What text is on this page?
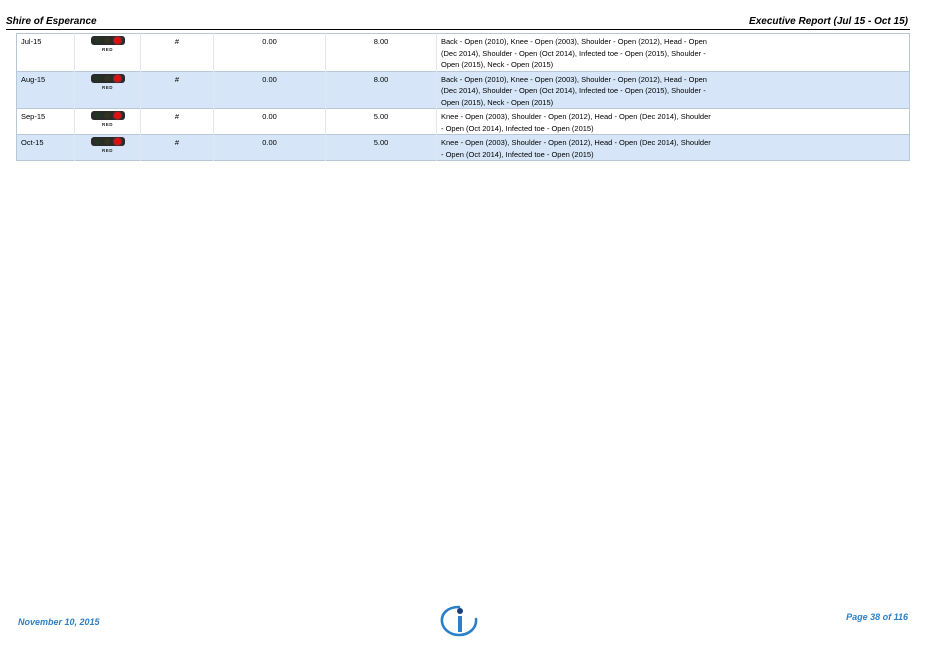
Shire of Esperance	Executive Report (Jul 15 - Oct 15)
Jul-15	RED	#	0.00	8.00	Back - Open (2010), Knee - Open (2003), Shoulder - Open (2012), Head - Open (Dec 2014), Shoulder - Open (Oct 2014), Infected toe - Open (2015), Shoulder - Open (2015), Neck - Open (2015)

Aug-15	RED	#	0.00	8.00	Back - Open (2010), Knee - Open (2003), Shoulder - Open (2012), Head - Open (Dec 2014), Shoulder - Open (Oct 2014), Infected toe - Open (2015), Shoulder - Open (2015), Neck - Open (2015)

Sep-15	RED	#	0.00	5.00	Knee - Open (2003), Shoulder - Open (2012), Head - Open (Dec 2014), Shoulder - Open (Oct 2014), Infected toe - Open (2015)

Oct-15	RED	#	0.00	5.00	Knee - Open (2003), Shoulder - Open (2012), Head - Open (Dec 2014), Shoulder - Open (Oct 2014), Infected toe - Open (2015)
November 10, 2015	Page 38 of 116
